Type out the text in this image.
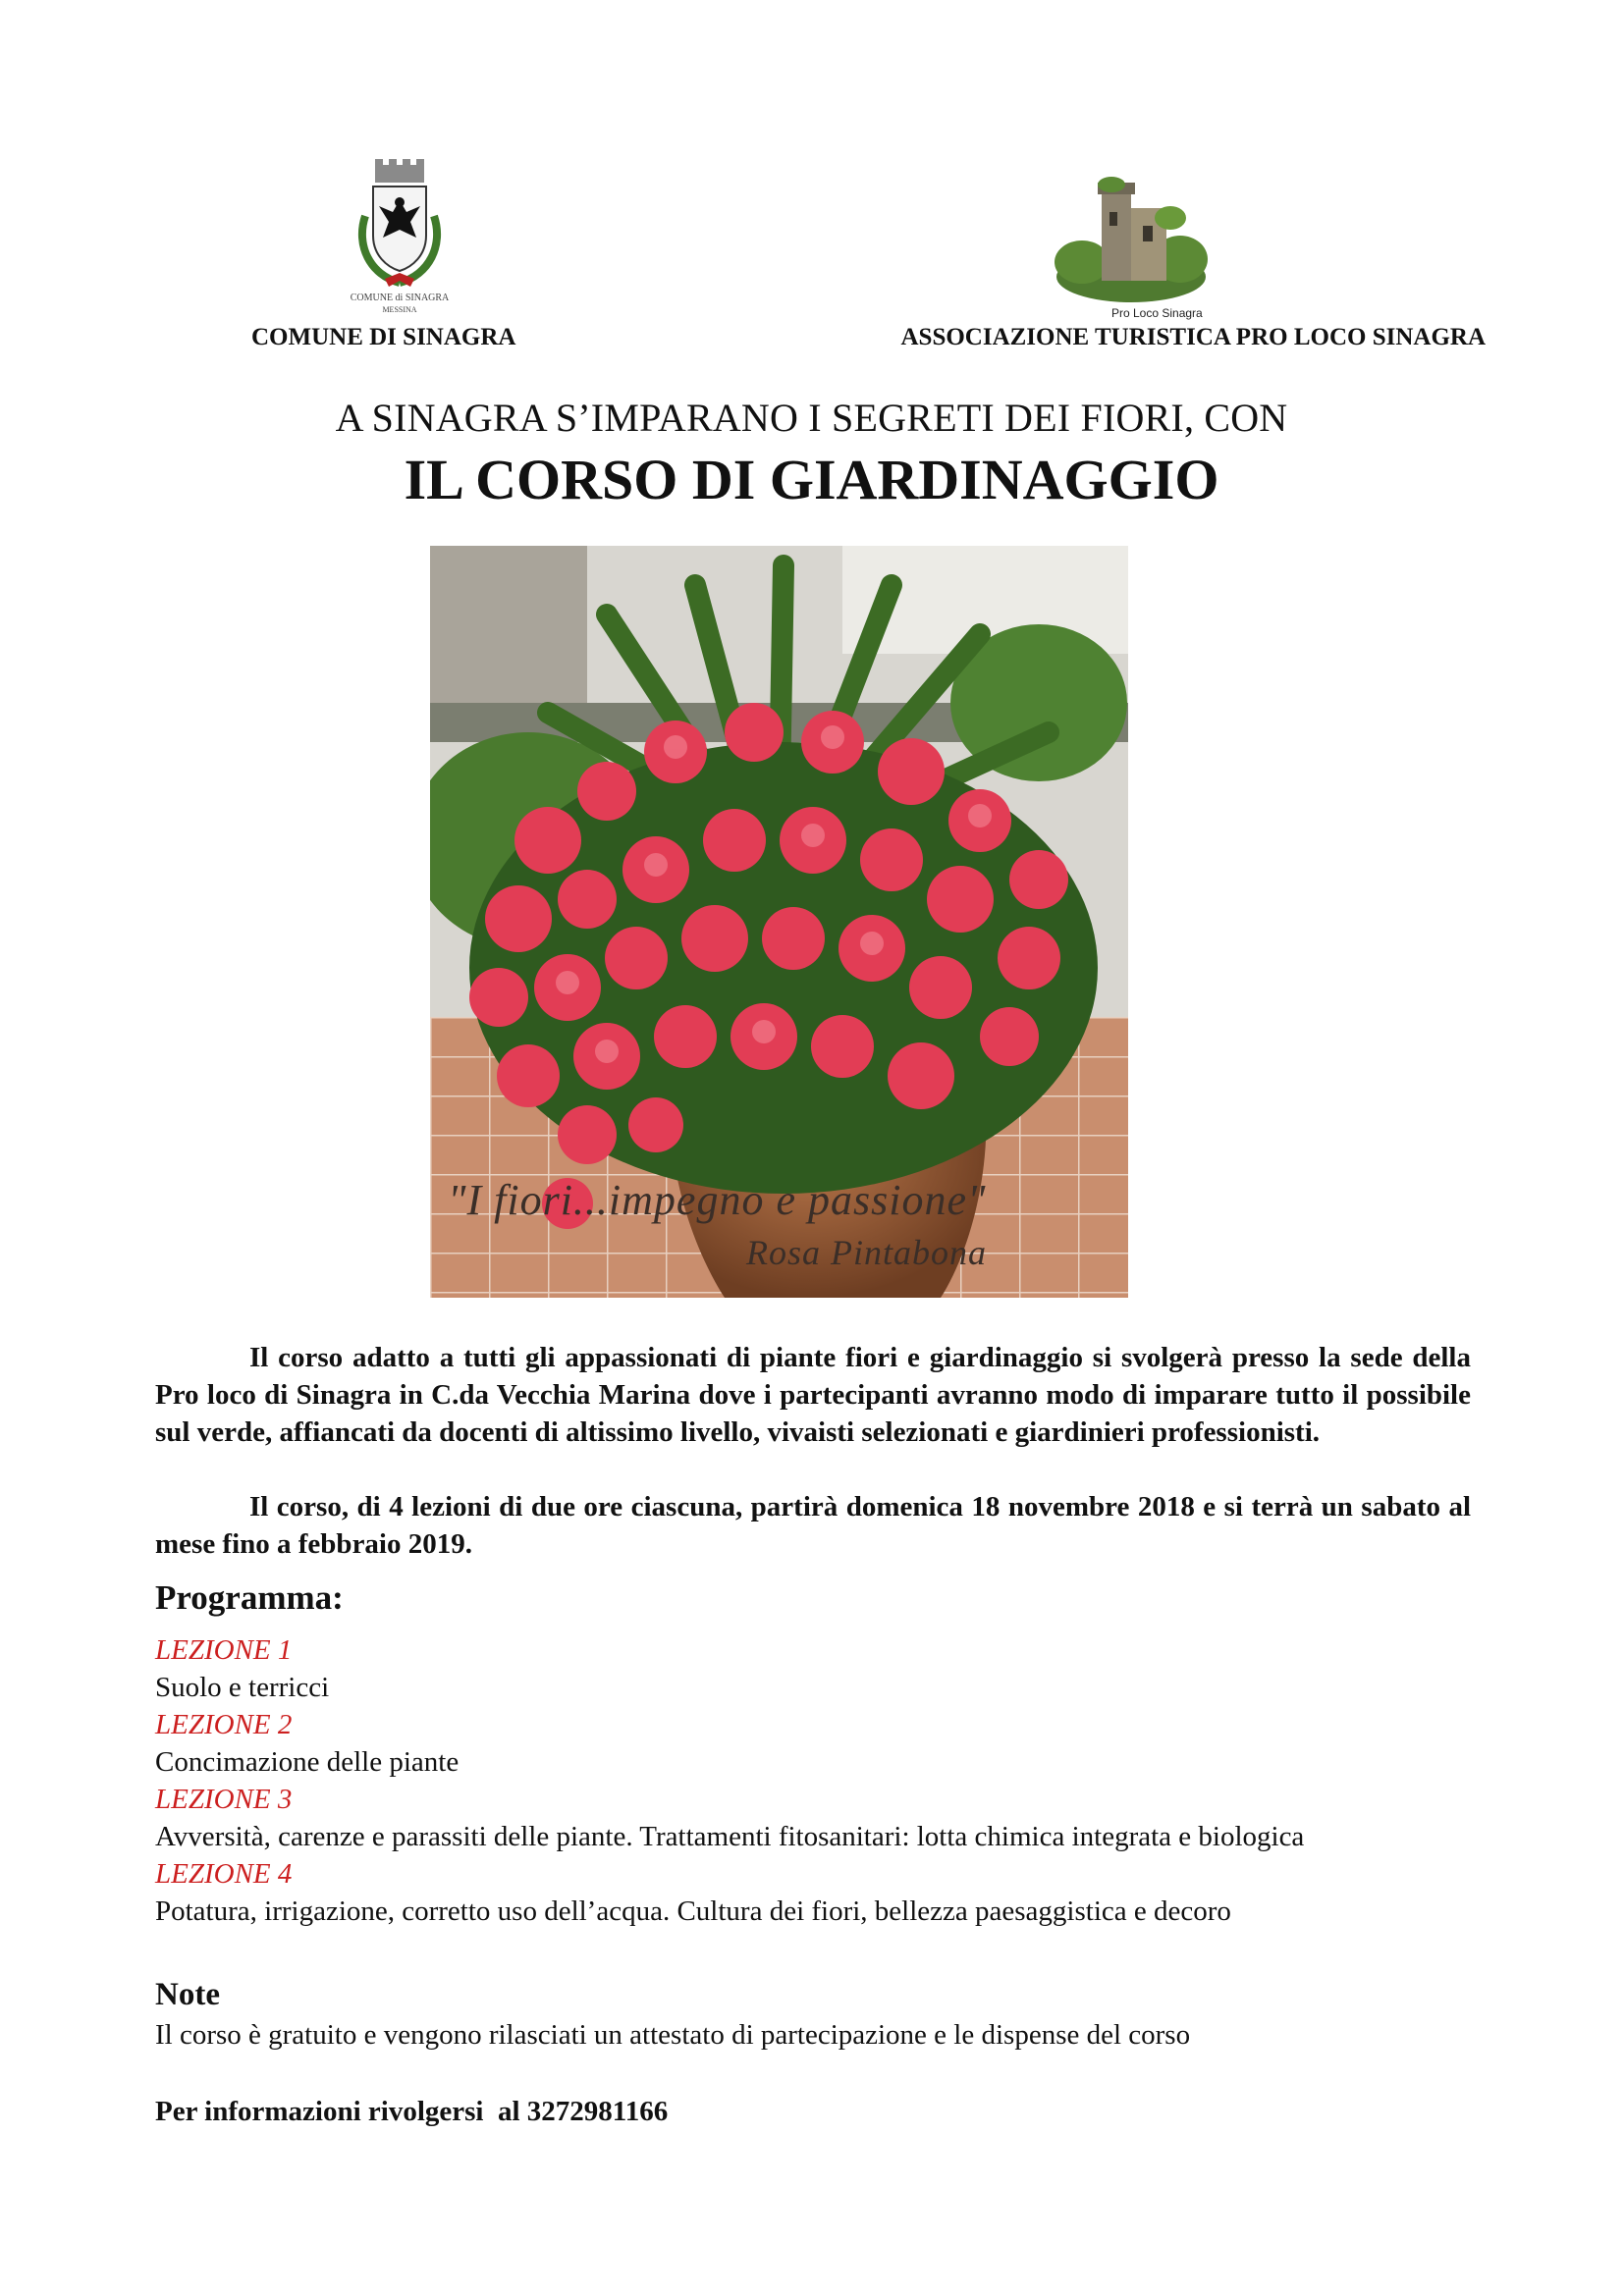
COMUNE di SINAGRA
MESSINA
COMUNE DI SINAGRA
Pro Loco Sinagra
ASSOCIAZIONE TURISTICA PRO LOCO SINAGRA
A SINAGRA S’IMPARANO I SEGRETI DEI FIORI, CON
IL CORSO DI GIARDINAGGIO
"I fiori...impegno e passione"
Rosa Pintabona
Il corso adatto a tutti gli appassionati di piante fiori e giardinaggio si svolgerà presso la sede della Pro loco di Sinagra in C.da Vecchia Marina dove i partecipanti avranno modo di imparare tutto il possibile sul verde, affiancati da docenti di altissimo livello, vivaisti selezionati e giardinieri professionisti.
Il corso, di 4 lezioni di due ore ciascuna, partirà domenica 18 novembre 2018 e si terrà un sabato al mese fino a febbraio 2019.
Programma:
LEZIONE 1
Suolo e terricci
LEZIONE 2
Concimazione delle piante
LEZIONE 3
Avversità, carenze e parassiti delle piante. Trattamenti fitosanitari: lotta chimica integrata e biologica
LEZIONE 4
Potatura, irrigazione, corretto uso dell’acqua. Cultura dei fiori, bellezza paesaggistica e decoro
Note
Il corso è gratuito e vengono rilasciati un attestato di partecipazione e le dispense del corso
Per informazioni rivolgersi  al 3272981166
